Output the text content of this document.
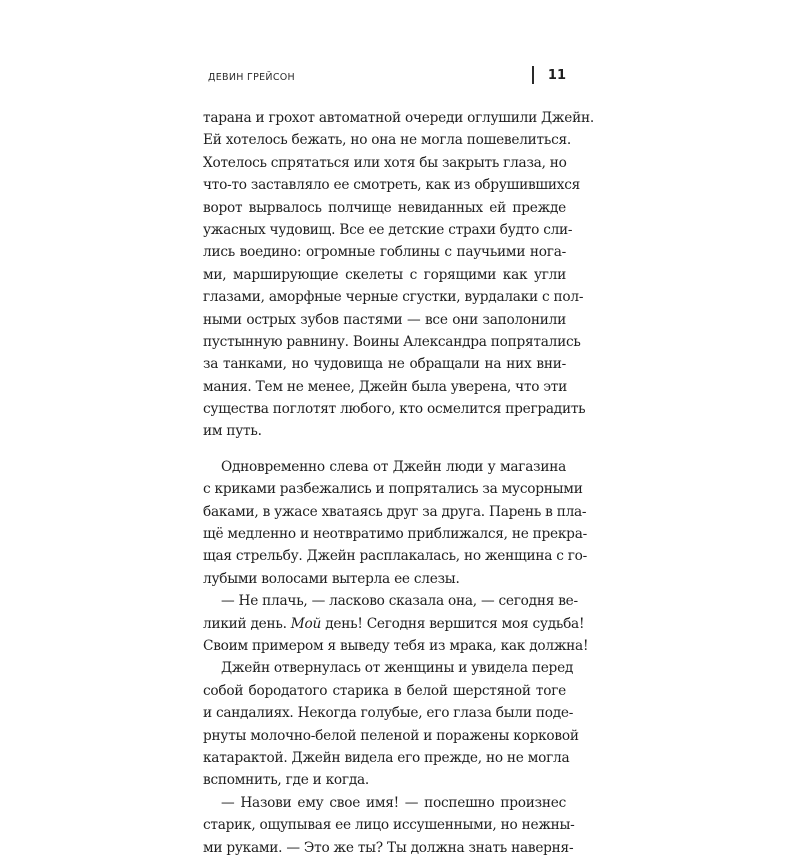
ДЕВИН ГРЕЙСОН	11
тарана и грохот автоматной очереди оглушили Джейн.
Ей хотелось бежать, но она не могла пошевелиться.
Хотелось спрятаться или хотя бы закрыть глаза, но
что-то заставляло ее смотреть, как из обрушившихся
ворот вырвалось полчище невиданных ей прежде
ужасных чудовищ. Все ее детские страхи будто сли-
лись воедино: огромные гоблины с паучьими нога-
ми, марширующие скелеты с горящими как угли
глазами, аморфные черные сгустки, вурдалаки с пол-
ными острых зубов пастями — все они заполонили
пустынную равнину. Воины Александра попрятались
за танками, но чудовища не обращали на них вни-
мания. Тем не менее, Джейн была уверена, что эти
существа поглотят любого, кто осмелится преградить
им путь.
Одновременно слева от Джейн люди у магазина
с криками разбежались и попрятались за мусорными
баками, в ужасе хватаясь друг за друга. Парень в пла-
щё медленно и неотвратимо приближался, не прекра-
щая стрельбу. Джейн расплакалась, но женщина с го-
лубыми волосами вытерла ее слезы.
— Не плачь, — ласково сказала она, — сегодня ве-
ликий день. Мой день! Сегодня вершится моя судьба!
Своим примером я выведу тебя из мрака, как должна!
Джейн отвернулась от женщины и увидела перед
собой бородатого старика в белой шерстяной тоге
и сандалиях. Некогда голубые, его глаза были поде-
рнуты молочно-белой пеленой и поражены корковой
катарактой. Джейн видела его прежде, но не могла
вспомнить, где и когда.
— Назови ему свое имя! — поспешно произнес
старик, ощупывая ее лицо иссушенными, но нежны-
ми руками. — Это же ты? Ты должна знать наверня-
